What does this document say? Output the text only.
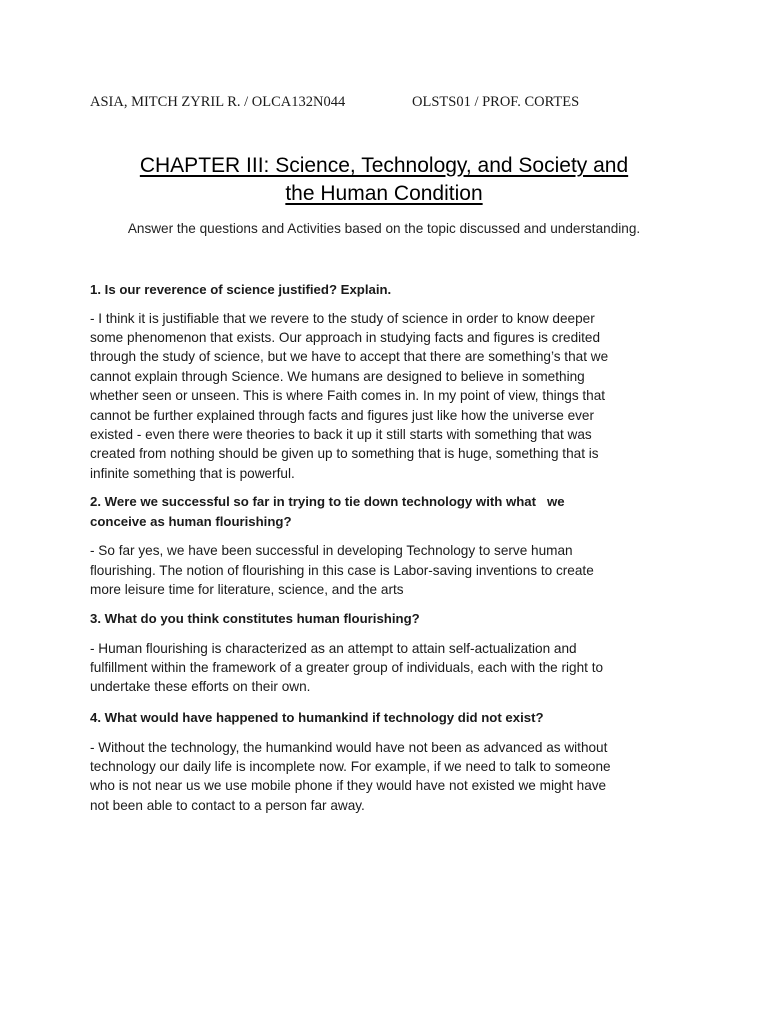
ASIA, MITCH ZYRIL R. / OLCA132N044	OLSTS01 / PROF. CORTES
CHAPTER III: Science, Technology, and Society and
the Human Condition
Answer the questions and Activities based on the topic discussed and understanding.
1. Is our reverence of science justified? Explain.
- I think it is justifiable that we revere to the study of science in order to know deeper
some phenomenon that exists. Our approach in studying facts and figures is credited
through the study of science, but we have to accept that there are something’s that we
cannot explain through Science. We humans are designed to believe in something
whether seen or unseen. This is where Faith comes in. In my point of view, things that
cannot be further explained through facts and figures just like how the universe ever
existed - even there were theories to back it up it still starts with something that was
created from nothing should be given up to something that is huge, something that is
infinite something that is powerful.
2. Were we successful so far in trying to tie down technology with what   we
conceive as human flourishing?
- So far yes, we have been successful in developing Technology to serve human
flourishing. The notion of flourishing in this case is Labor-saving inventions to create
more leisure time for literature, science, and the arts
3. What do you think constitutes human flourishing?
- Human flourishing is characterized as an attempt to attain self-actualization and
fulfillment within the framework of a greater group of individuals, each with the right to
undertake these efforts on their own.
4. What would have happened to humankind if technology did not exist?
- Without the technology, the humankind would have not been as advanced as without
technology our daily life is incomplete now. For example, if we need to talk to someone
who is not near us we use mobile phone if they would have not existed we might have
not been able to contact to a person far away.
